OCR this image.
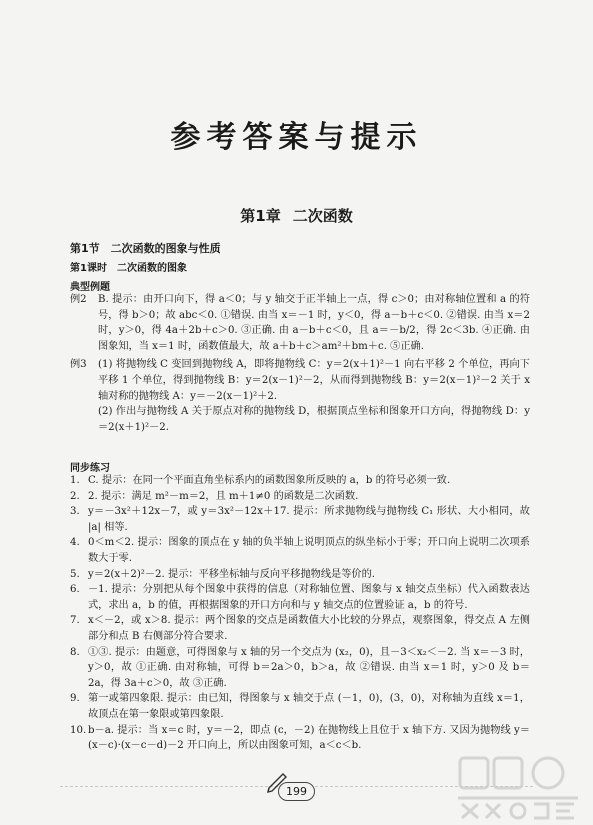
参考答案与提示
第1章 二次函数
第1节　二次函数的图象与性质
第1课时　二次函数的图象
典型例题
例2	B. 提示：由开口向下，得 a＜0；与 y 轴交于正半轴上一点，得 c＞0；由对称轴位置和 a 的符号，得 b＞0；故 abc＜0. ①错误. 由当 x＝－1 时，y＜0，得 a－b＋c＜0. ②错误. 由当 x＝2 时，y＞0，得 4a＋2b＋c＞0. ③正确. 由 a－b＋c＜0，且 a＝－b/2，得 2c＜3b. ④正确. 由图象知，当 x＝1 时，函数值最大，故 a＋b＋c＞am²＋bm＋c. ⑤正确.
例3	(1) 将抛物线 C 变回到抛物线 A，即将抛物线 C：y＝2(x＋1)²－1 向右平移 2 个单位，再向下平移 1 个单位，得到抛物线 B：y＝2(x－1)²－2，从而得到抛物线 B：y＝2(x－1)²－2 关于 x 轴对称的抛物线 A：y＝－2(x－1)²＋2.
(2) 作出与抛物线 A 关于原点对称的抛物线 D，根据顶点坐标和图象开口方向，得抛物线 D：y＝2(x＋1)²－2.
同步练习
1. C. 提示：在同一个平面直角坐标系内的函数图象所反映的 a，b 的符号必须一致.
2. 2. 提示：满足 m²－m＝2，且 m＋1≠0 的函数是二次函数.
3. y＝－3x²＋12x－7，或 y＝3x²－12x＋17. 提示：所求抛物线与抛物线 C₁ 形状、大小相同，故 |a| 相等.
4. 0＜m＜2. 提示：图象的顶点在 y 轴的负半轴上说明顶点的纵坐标小于零；开口向上说明二次项系数大于零.
5. y＝2(x＋2)²－2. 提示：平移坐标轴与反向平移抛物线是等价的.
6. －1. 提示：分别把从每个图象中获得的信息（对称轴位置、图象与 x 轴交点坐标）代入函数表达式，求出 a，b 的值，再根据图象的开口方向和与 y 轴交点的位置验证 a，b 的符号.
7. x＜－2，或 x＞8. 提示：两个图象的交点是函数值大小比较的分界点，观察图象，得交点 A 左侧部分和点 B 右侧部分符合要求.
8. ①③. 提示：由题意，可得图象与 x 轴的另一个交点为 (x₂，0)，且－3＜x₂＜－2. 当 x＝－3 时，y＞0，故 ①正确. 由对称轴，可得 b＝2a＞0，b＞a，故 ②错误. 由当 x＝1 时，y＞0 及 b＝2a，得 3a＋c＞0，故 ③正确.
9. 第一或第四象限. 提示：由已知，得图象与 x 轴交于点 (－1，0)，(3，0)，对称轴为直线 x＝1，故顶点在第一象限或第四象限.
10. b－a. 提示：当 x＝c 时，y＝－2，即点 (c，－2) 在抛物线上且位于 x 轴下方. 又因为抛物线 y＝(x－c)·(x－c－d)－2 开口向上，所以由图象可知，a＜c＜b.
199
